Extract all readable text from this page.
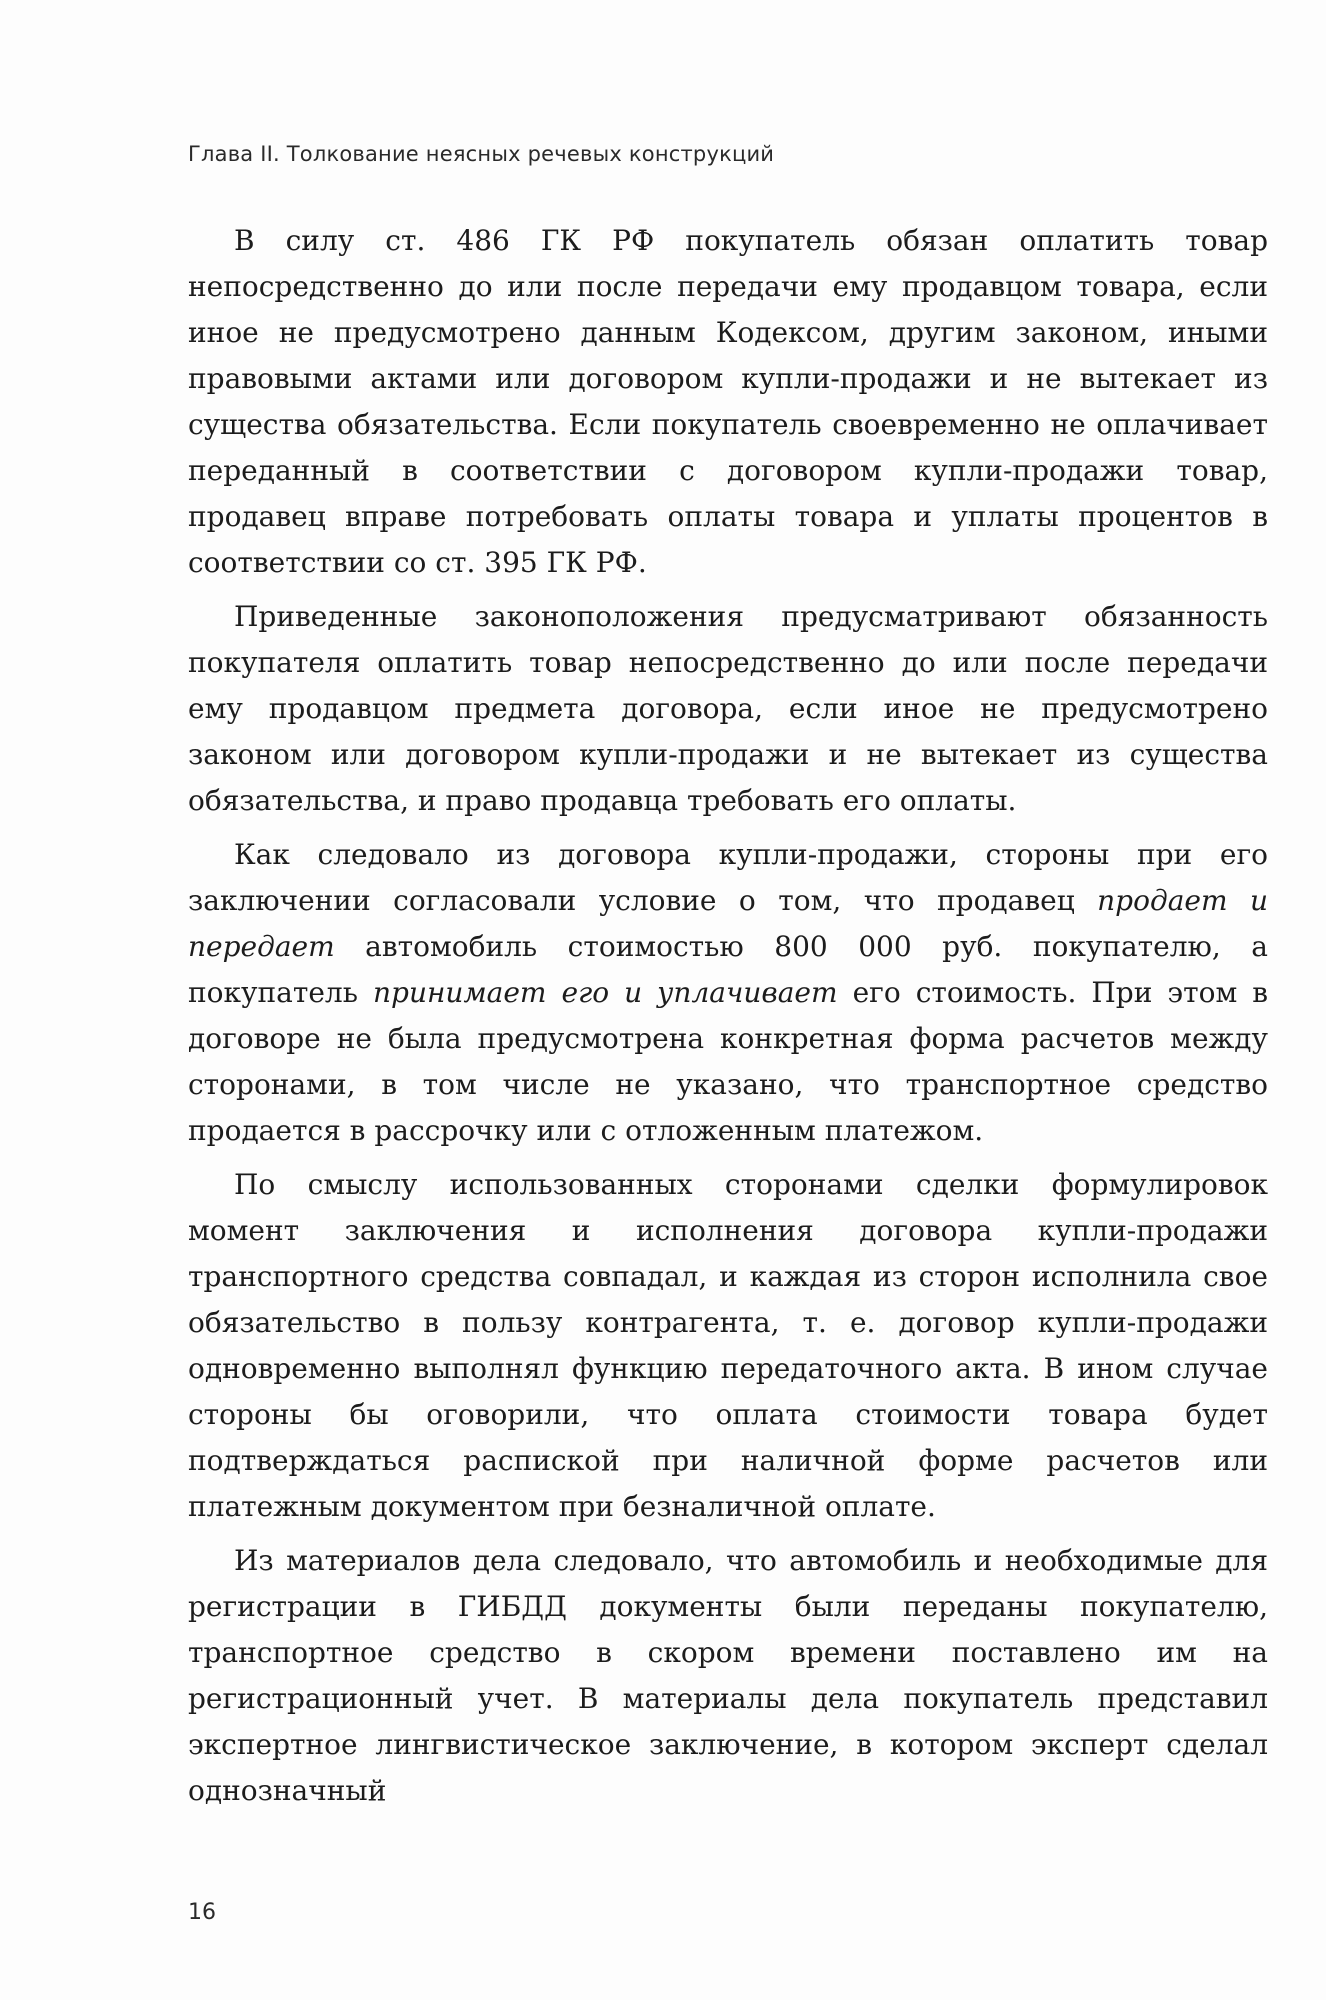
Глава II. Толкование неясных речевых конструкций

В силу ст. 486 ГК РФ покупатель обязан оплатить товар непосредственно до или после передачи ему продавцом товара, если иное не предусмотрено данным Кодексом, другим законом, иными правовыми актами или договором купли-продажи и не вытекает из существа обязательства. Если покупатель своевременно не оплачивает переданный в соответствии с договором купли-продажи товар, продавец вправе потребовать оплаты товара и уплаты процентов в соответствии со ст. 395 ГК РФ.

Приведенные законоположения предусматривают обязанность покупателя оплатить товар непосредственно до или после передачи ему продавцом предмета договора, если иное не предусмотрено законом или договором купли-продажи и не вытекает из существа обязательства, и право продавца требовать его оплаты.

Как следовало из договора купли-продажи, стороны при его заключении согласовали условие о том, что продавец продает и передает автомобиль стоимостью 800 000 руб. покупателю, а покупатель принимает его и уплачивает его стоимость. При этом в договоре не была предусмотрена конкретная форма расчетов между сторонами, в том числе не указано, что транспортное средство продается в рассрочку или с отложенным платежом.

По смыслу использованных сторонами сделки формулировок момент заключения и исполнения договора купли-продажи транспортного средства совпадал, и каждая из сторон исполнила свое обязательство в пользу контрагента, т. е. договор купли-продажи одновременно выполнял функцию передаточного акта. В ином случае стороны бы оговорили, что оплата стоимости товара будет подтверждаться распиской при наличной форме расчетов или платежным документом при безналичной оплате.

Из материалов дела следовало, что автомобиль и необходимые для регистрации в ГИБДД документы были переданы покупателю, транспортное средство в скором времени поставлено им на регистрационный учет. В материалы дела покупатель представил экспертное лингвистическое заключение, в котором эксперт сделал однозначный

16
